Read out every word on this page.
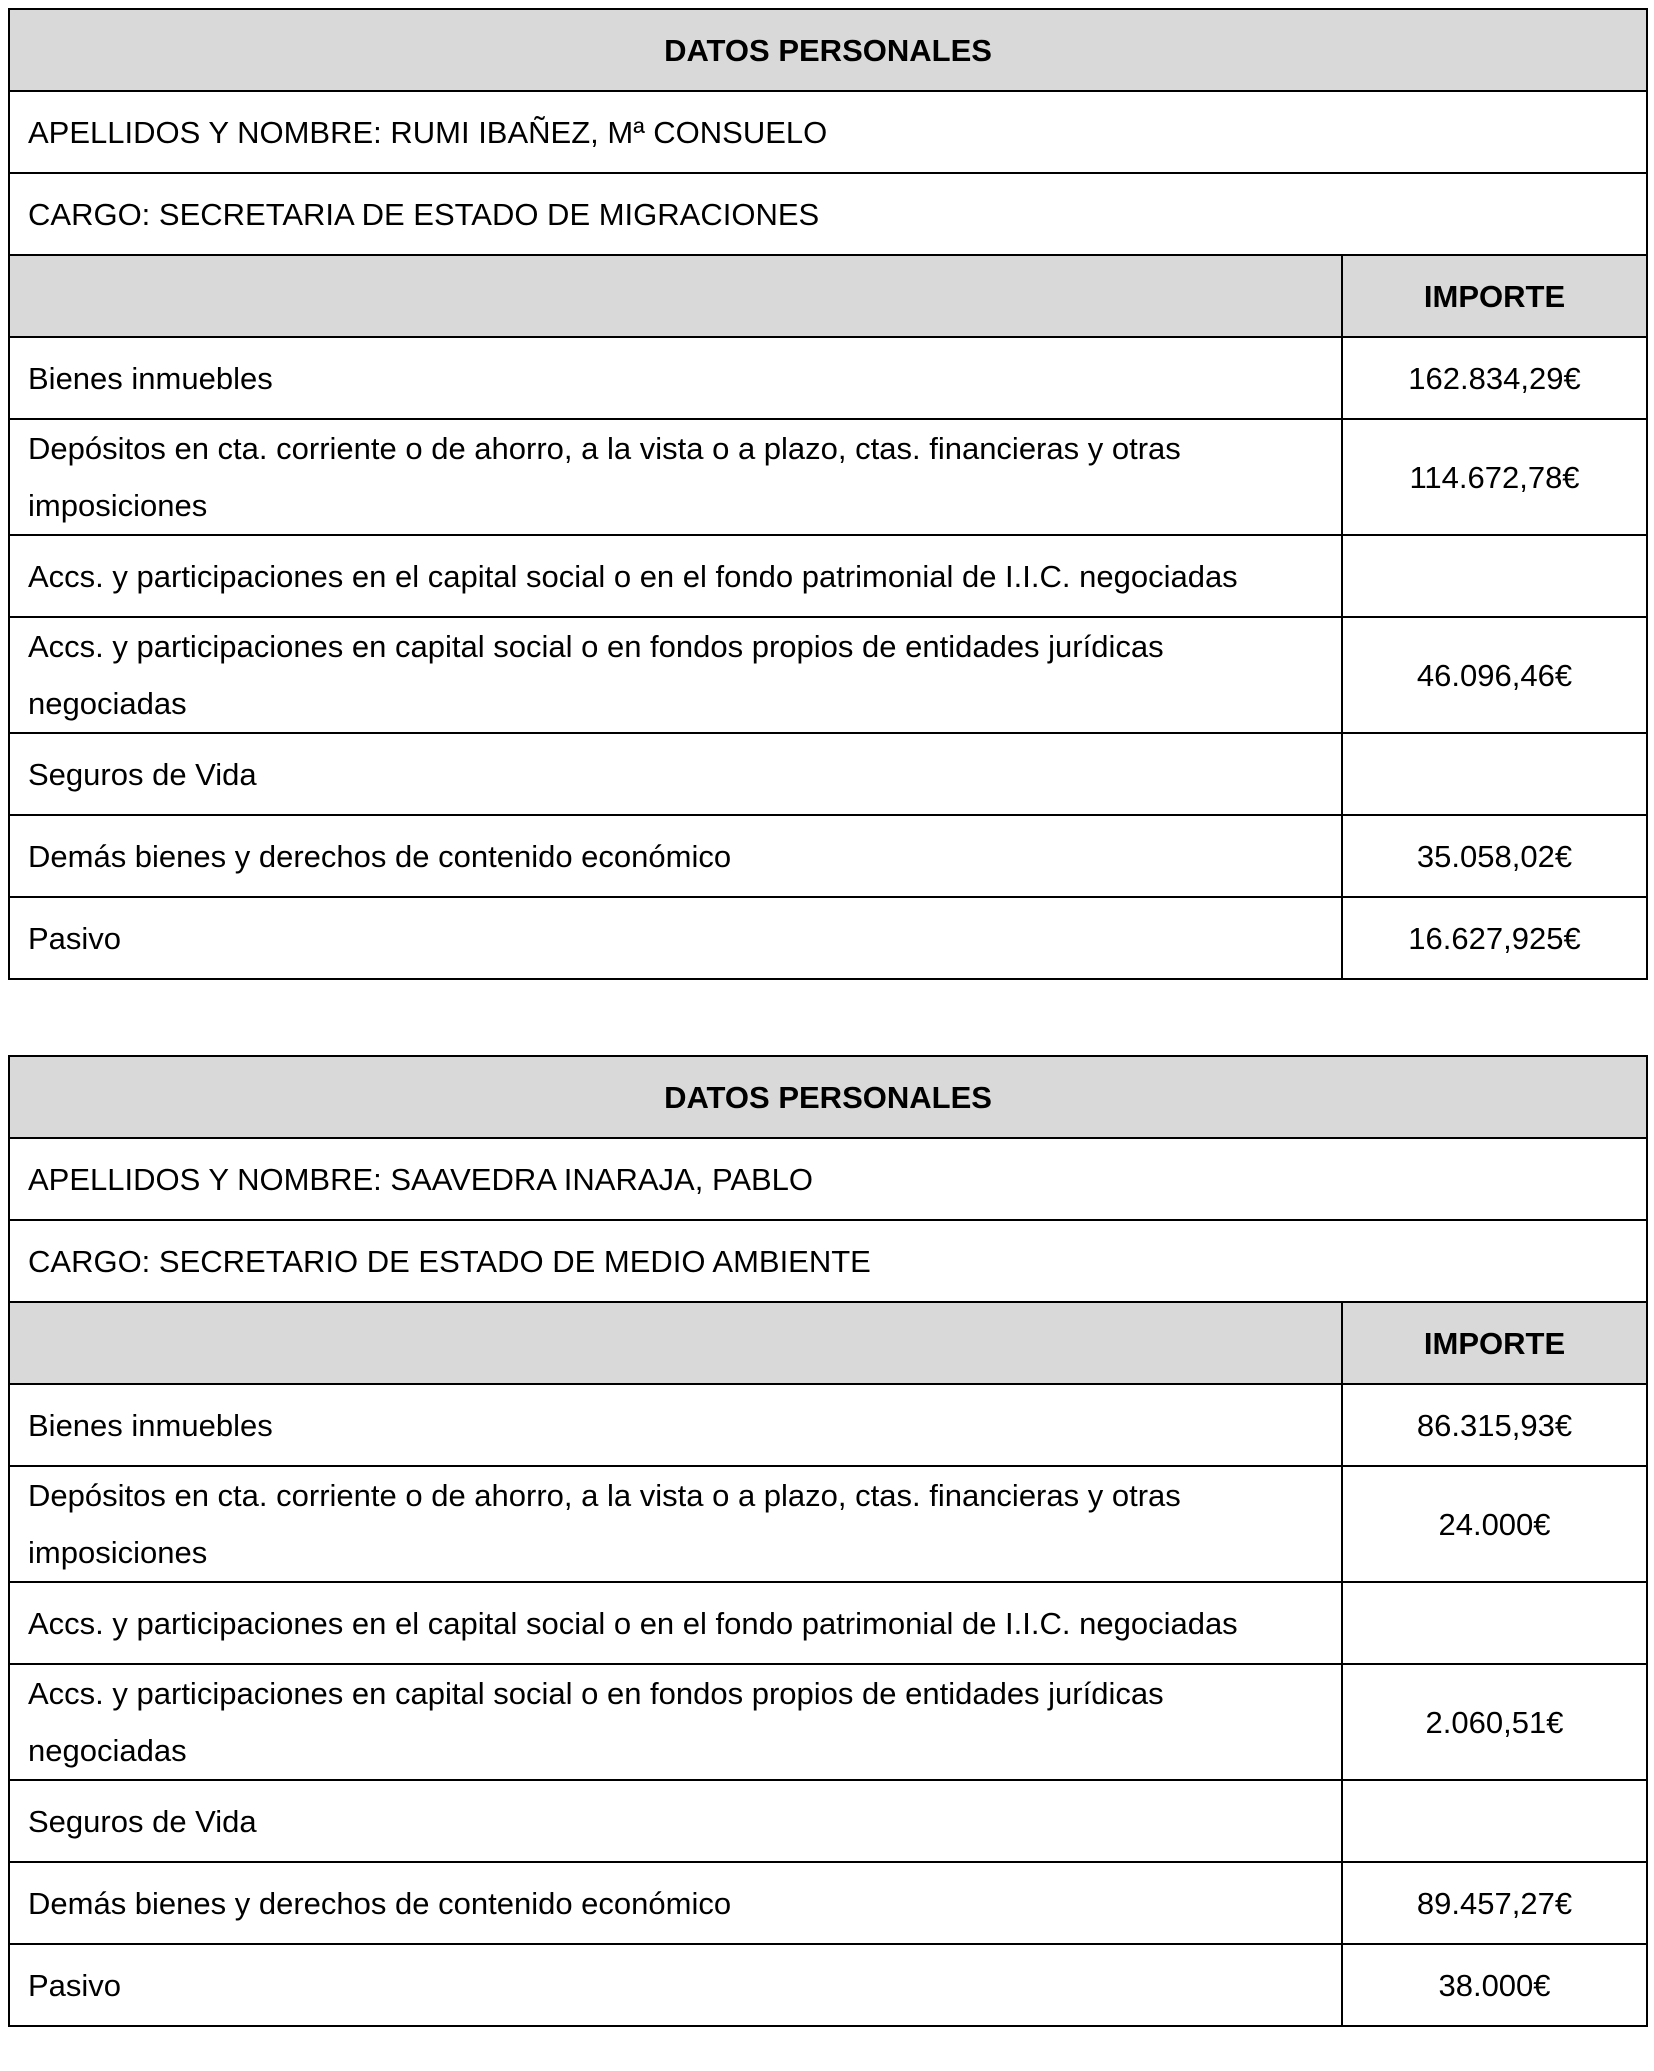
DATOS PERSONALES	
APELLIDOS Y NOMBRE: RUMI IBAÑEZ, Mª CONSUELO	
CARGO: SECRETARIA DE ESTADO DE MIGRACIONES	
	IMPORTE
Bienes inmuebles	162.834,29€
Depósitos en cta. corriente o de ahorro, a la vista o a plazo, ctas. financieras y otras imposiciones	114.672,78€
Accs. y participaciones en el capital social o en el fondo patrimonial de I.I.C. negociadas	
Accs. y participaciones en capital social o en fondos propios de entidades jurídicas negociadas	46.096,46€
Seguros de Vida	
Demás bienes y derechos de contenido económico	35.058,02€
Pasivo	16.627,925€
DATOS PERSONALES	
APELLIDOS Y NOMBRE: SAAVEDRA INARAJA, PABLO	
CARGO: SECRETARIO DE ESTADO DE MEDIO AMBIENTE	
	IMPORTE
Bienes inmuebles	86.315,93€
Depósitos en cta. corriente o de ahorro, a la vista o a plazo, ctas. financieras y otras imposiciones	24.000€
Accs. y participaciones en el capital social o en el fondo patrimonial de I.I.C. negociadas	
Accs. y participaciones en capital social o en fondos propios de entidades jurídicas negociadas	2.060,51€
Seguros de Vida	
Demás bienes y derechos de contenido económico	89.457,27€
Pasivo	38.000€
